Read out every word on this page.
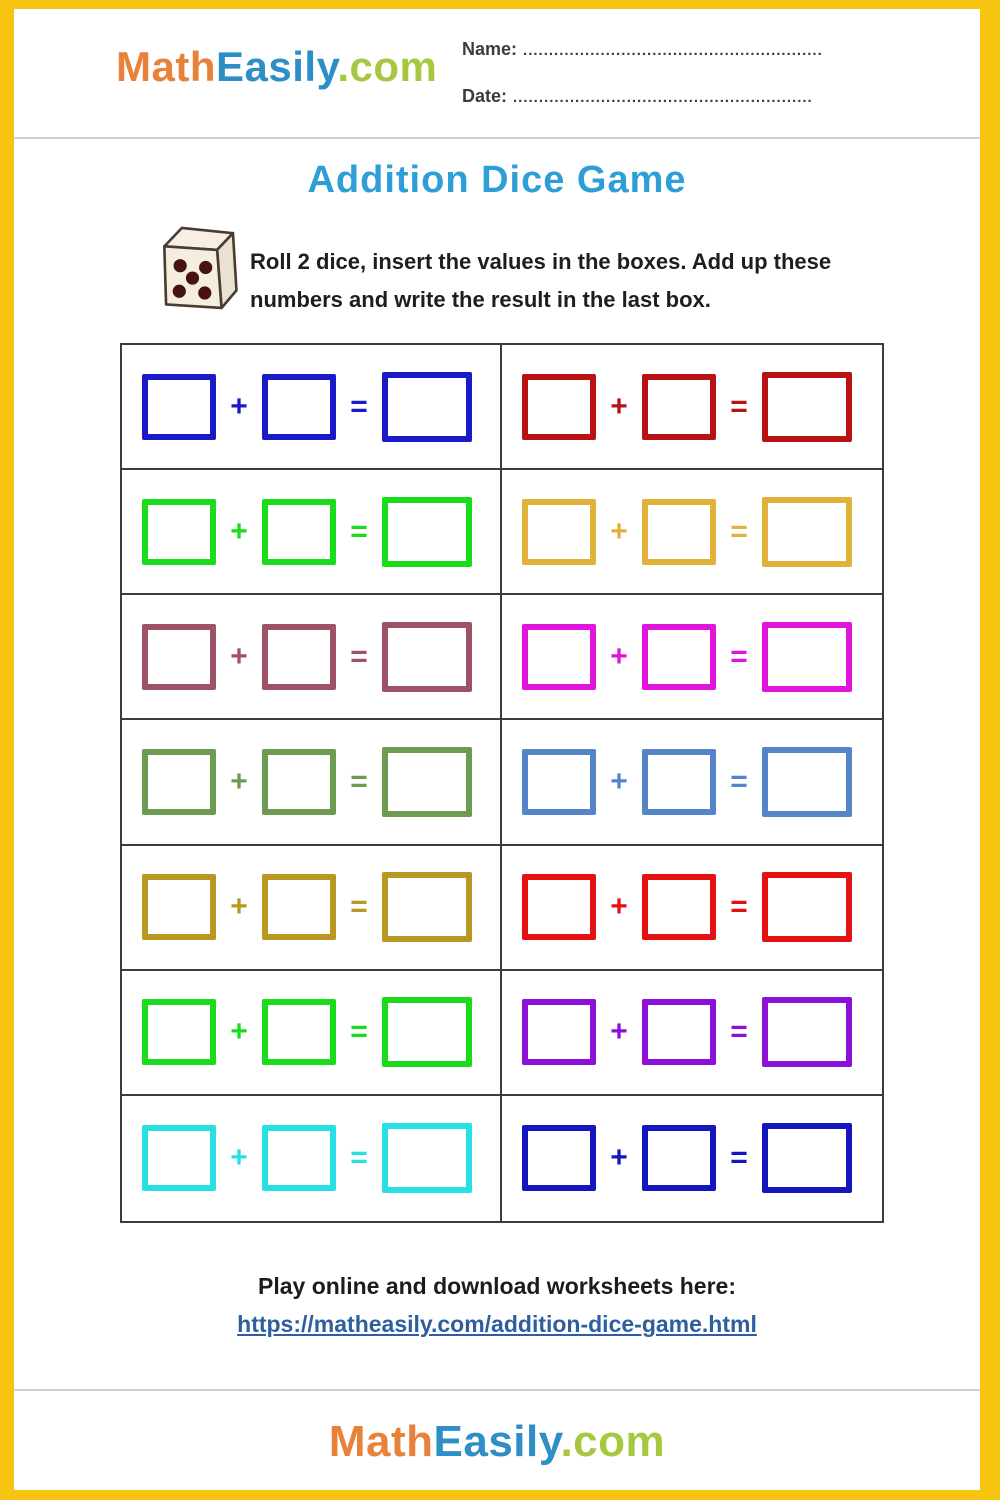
MathEasily.com Name: ..........................................................
Date: ..........................................................
Addition Dice Game
Roll 2 dice, insert the values in the boxes. Add up these
numbers and write the result in the last box.
+	=	+	=
+	=	+	=
+	=	+	=
+	=	+	=
+	=	+	=
+	=	+	=
+	=	+	=
Play online and download worksheets here:
https://matheasily.com/addition-dice-game.html
MathEasily.com
